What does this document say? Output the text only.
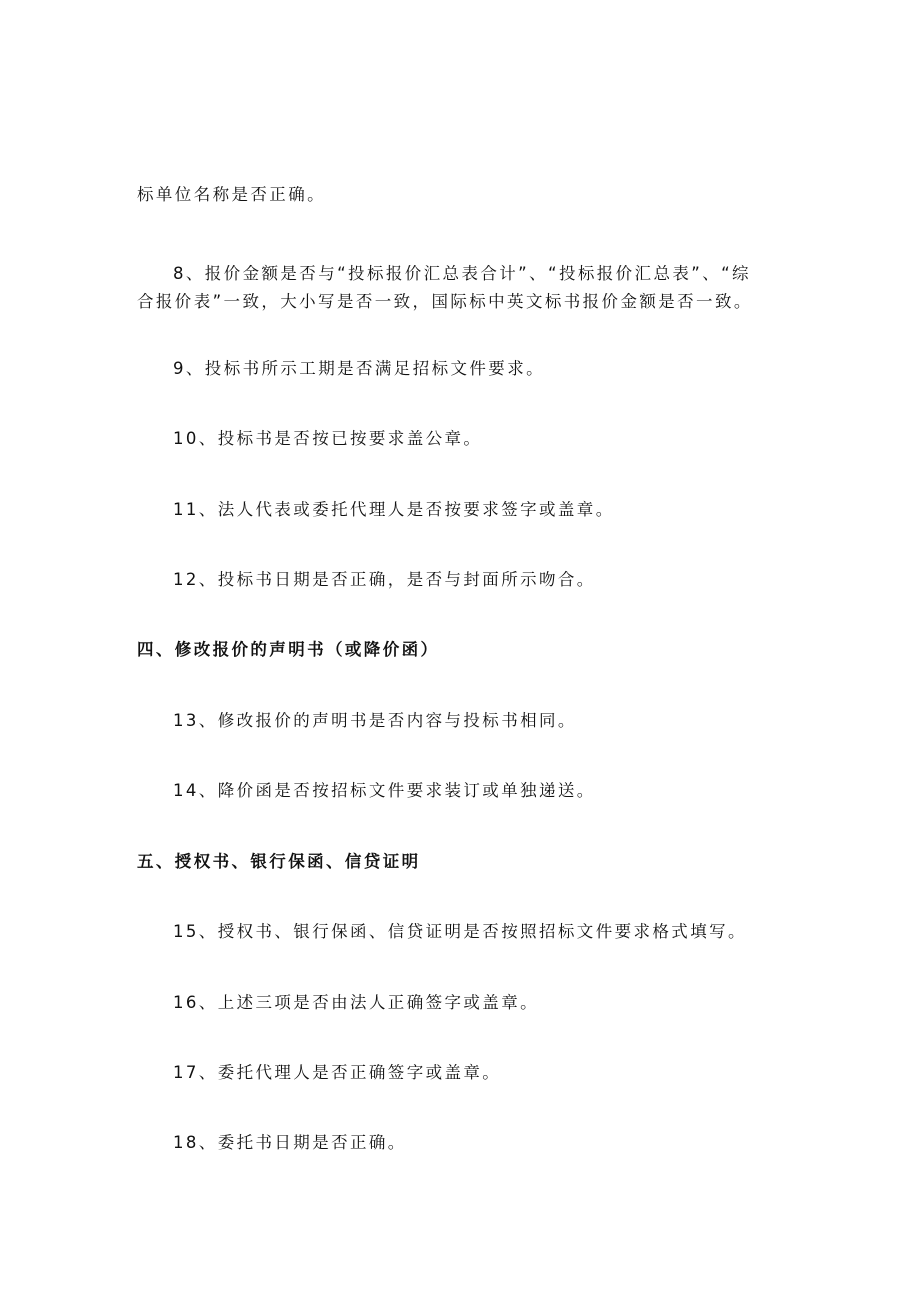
标单位名称是否正确。
8、报价金额是否与“投标报价汇总表合计”、“投标报价汇总表”、“综
合报价表”一致，大小写是否一致，国际标中英文标书报价金额是否一致。
9、投标书所示工期是否满足招标文件要求。
10、投标书是否按已按要求盖公章。
11、法人代表或委托代理人是否按要求签字或盖章。
12、投标书日期是否正确，是否与封面所示吻合。
四、修改报价的声明书（或降价函）
13、修改报价的声明书是否内容与投标书相同。
14、降价函是否按招标文件要求装订或单独递送。
五、授权书、银行保函、信贷证明
15、授权书、银行保函、信贷证明是否按照招标文件要求格式填写。
16、上述三项是否由法人正确签字或盖章。
17、委托代理人是否正确签字或盖章。
18、委托书日期是否正确。
